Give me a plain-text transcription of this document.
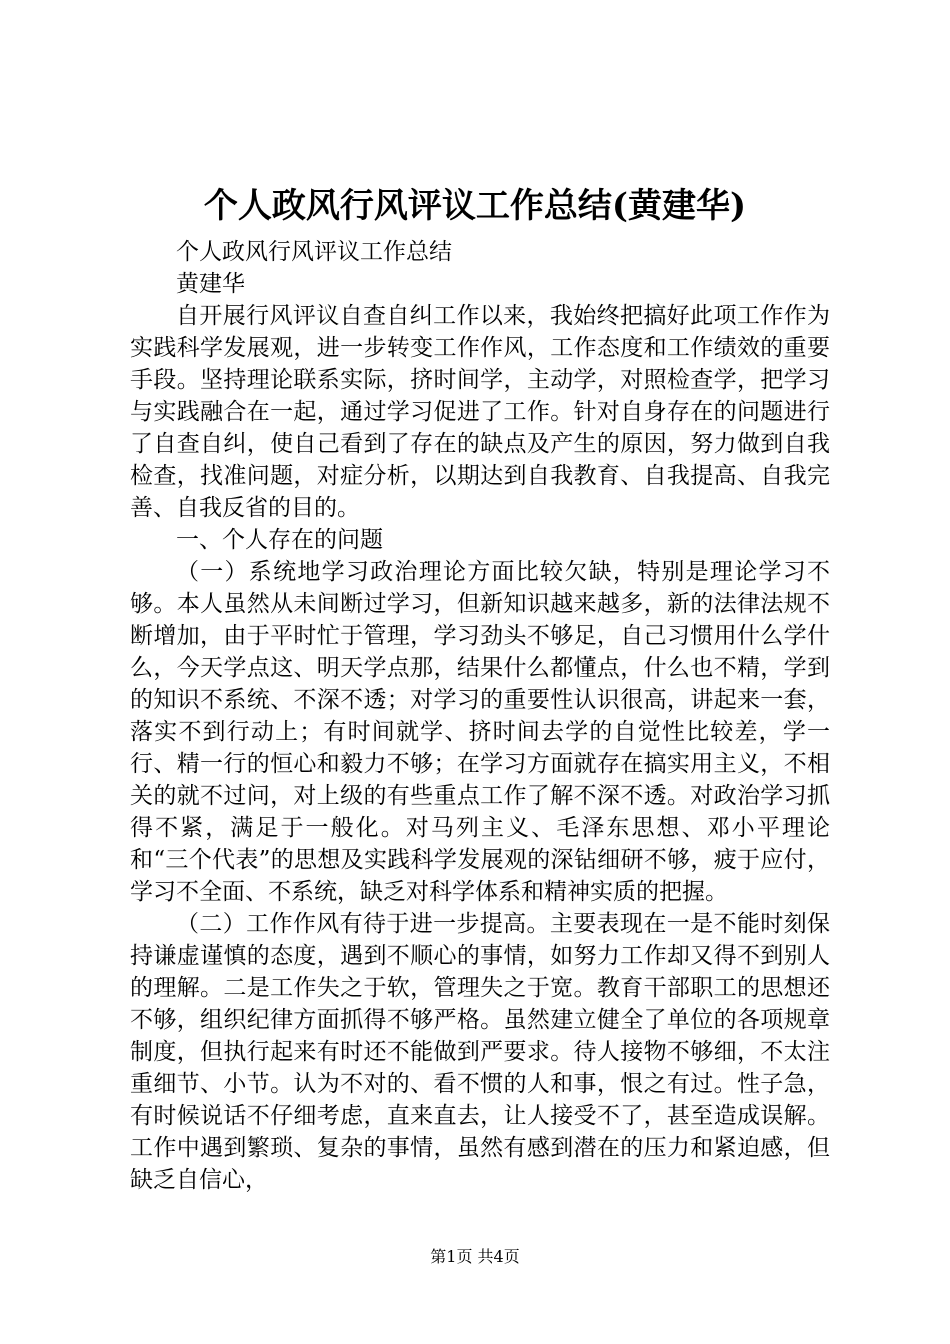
个人政风行风评议工作总结(黄建华)

个人政风行风评议工作总结

黄建华

自开展行风评议自查自纠工作以来，我始终把搞好此项工作作为实践科学发展观，进一步转变工作作风，工作态度和工作绩效的重要手段。坚持理论联系实际，挤时间学，主动学，对照检查学，把学习与实践融合在一起，通过学习促进了工作。针对自身存在的问题进行了自查自纠，使自己看到了存在的缺点及产生的原因，努力做到自我检查，找准问题，对症分析，以期达到自我教育、自我提高、自我完善、自我反省的目的。

一、个人存在的问题

（一）系统地学习政治理论方面比较欠缺，特别是理论学习不够。本人虽然从未间断过学习，但新知识越来越多，新的法律法规不断增加，由于平时忙于管理，学习劲头不够足，自己习惯用什么学什么，今天学点这、明天学点那，结果什么都懂点，什么也不精，学到的知识不系统、不深不透；对学习的重要性认识很高，讲起来一套，落实不到行动上；有时间就学、挤时间去学的自觉性比较差，学一行、精一行的恒心和毅力不够；在学习方面就存在搞实用主义，不相关的就不过问，对上级的有些重点工作了解不深不透。对政治学习抓得不紧，满足于一般化。对马列主义、毛泽东思想、邓小平理论和“三个代表”的思想及实践科学发展观的深钻细研不够，疲于应付，学习不全面、不系统，缺乏对科学体系和精神实质的把握。

（二）工作作风有待于进一步提高。主要表现在一是不能时刻保持谦虚谨慎的态度，遇到不顺心的事情，如努力工作却又得不到别人的理解。二是工作失之于软，管理失之于宽。教育干部职工的思想还不够，组织纪律方面抓得不够严格。虽然建立健全了单位的各项规章制度，但执行起来有时还不能做到严要求。待人接物不够细，不太注重细节、小节。认为不对的、看不惯的人和事，恨之有过。性子急，有时候说话不仔细考虑，直来直去，让人接受不了，甚至造成误解。工作中遇到繁琐、复杂的事情，虽然有感到潜在的压力和紧迫感，但缺乏自信心，

第1页 共4页
